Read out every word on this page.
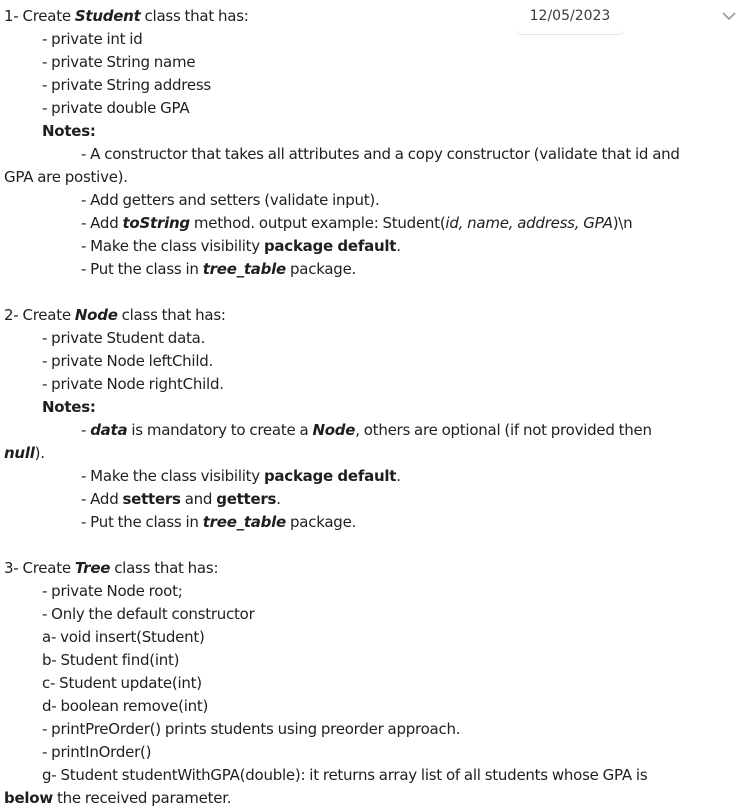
12/05/2023
1- Create Student class that has:
- private int id
- private String name
- private String address
- private double GPA
Notes:
- A constructor that takes all attributes and a copy constructor (validate that id and
GPA are postive).
- Add getters and setters (validate input).
- Add toString method. output example: Student(id, name, address, GPA)\n
- Make the class visibility package default.
- Put the class in tree_table package.
2- Create Node class that has:
- private Student data.
- private Node leftChild.
- private Node rightChild.
Notes:
- data is mandatory to create a Node, others are optional (if not provided then
null).
- Make the class visibility package default.
- Add setters and getters.
- Put the class in tree_table package.
3- Create Tree class that has:
- private Node root;
- Only the default constructor
a- void insert(Student)
b- Student find(int)
c- Student update(int)
d- boolean remove(int)
- printPreOrder() prints students using preorder approach.
- printInOrder()
g- Student studentWithGPA(double): it returns array list of all students whose GPA is
below the received parameter.
